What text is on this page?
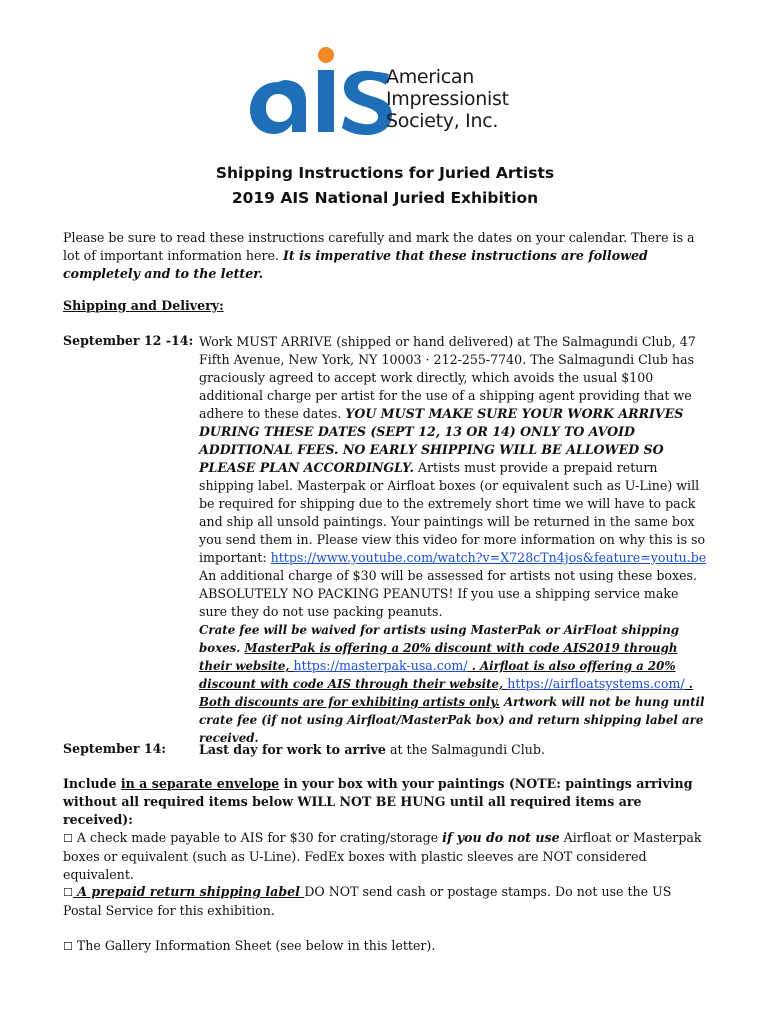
American
Impressionist
Society, Inc.
Shipping Instructions for Juried Artists
2019 AIS National Juried Exhibition
Please be sure to read these instructions carefully and mark the dates on your calendar. There is a lot of important information here. It is imperative that these instructions are followed completely and to the letter.
Shipping and Delivery:
September 12 -14: Work MUST ARRIVE (shipped or hand delivered) at The Salmagundi Club, 47 Fifth Avenue, New York, NY 10003 · 212-255-7740. The Salmagundi Club has graciously agreed to accept work directly, which avoids the usual $100 additional charge per artist for the use of a shipping agent providing that we adhere to these dates. YOU MUST MAKE SURE YOUR WORK ARRIVES DURING THESE DATES (SEPT 12, 13 OR 14) ONLY TO AVOID ADDITIONAL FEES. NO EARLY SHIPPING WILL BE ALLOWED SO PLEASE PLAN ACCORDINGLY. Artists must provide a prepaid return shipping label. Masterpak or Airfloat boxes (or equivalent such as U-Line) will be required for shipping due to the extremely short time we will have to pack and ship all unsold paintings. Your paintings will be returned in the same box you send them in. Please view this video for more information on why this is so important: https://www.youtube.com/watch?v=X728cTn4jos&feature=youtu.be An additional charge of $30 will be assessed for artists not using these boxes. ABSOLUTELY NO PACKING PEANUTS! If you use a shipping service make sure they do not use packing peanuts.
Crate fee will be waived for artists using MasterPak or AirFloat shipping boxes. MasterPak is offering a 20% discount with code AIS2019 through their website, https://masterpak-usa.com/ . Airfloat is also offering a 20% discount with code AIS through their website, https://airfloatsystems.com/ . Both discounts are for exhibiting artists only. Artwork will not be hung until crate fee (if not using Airfloat/MasterPak box) and return shipping label are received.
September 14:	Last day for work to arrive at the Salmagundi Club.
Include in a separate envelope in your box with your paintings (NOTE: paintings arriving without all required items below WILL NOT BE HUNG until all required items are received):
☐ A check made payable to AIS for $30 for crating/storage if you do not use Airfloat or Masterpak boxes or equivalent (such as U-Line). FedEx boxes with plastic sleeves are NOT considered equivalent.
☐ A prepaid return shipping label DO NOT send cash or postage stamps. Do not use the US Postal Service for this exhibition.
☐ The Gallery Information Sheet (see below in this letter).
